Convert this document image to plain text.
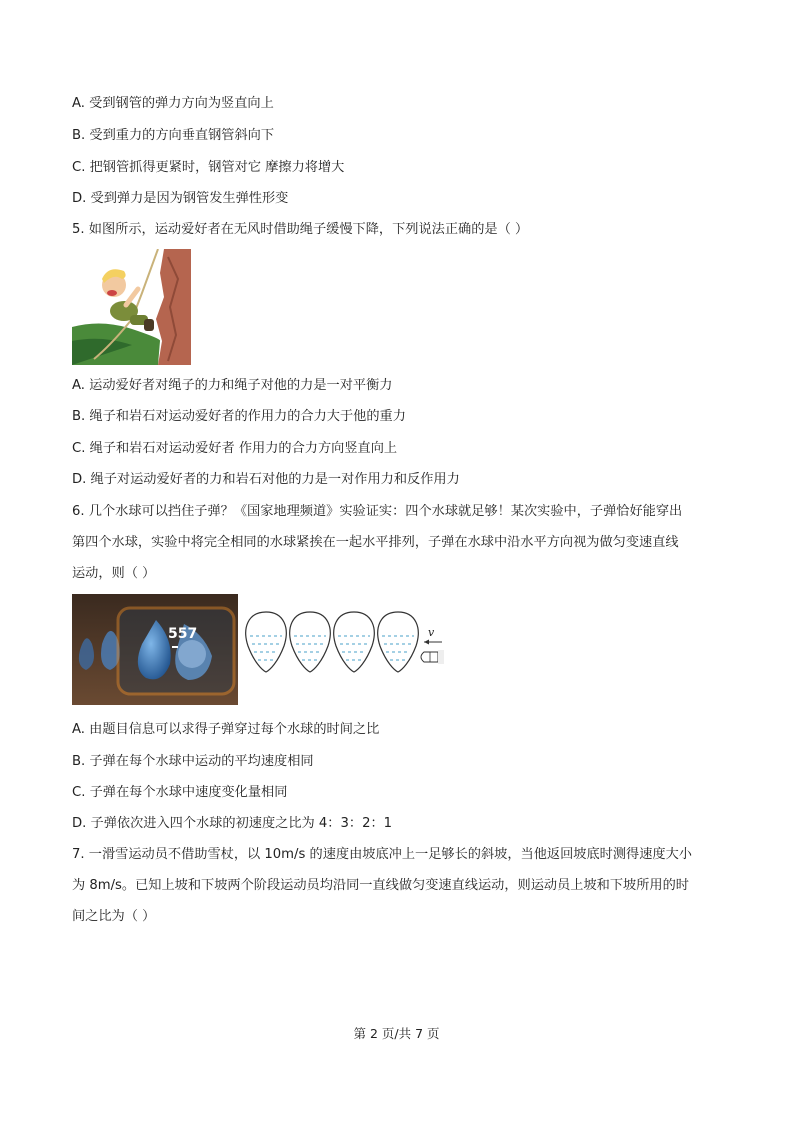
A. 受到钢管的弹力方向为竖直向上
B. 受到重力的方向垂直钢管斜向下
C. 把钢管抓得更紧时，钢管对它 摩擦力将增大
D. 受到弹力是因为钢管发生弹性形变
5. 如图所示，运动爱好者在无风时借助绳子缓慢下降，下列说法正确的是（ ）
A. 运动爱好者对绳子的力和绳子对他的力是一对平衡力
B. 绳子和岩石对运动爱好者的作用力的合力大于他的重力
C. 绳子和岩石对运动爱好者 作用力的合力方向竖直向上
D. 绳子对运动爱好者的力和岩石对他的力是一对作用力和反作用力
6. 几个水球可以挡住子弹？《国家地理频道》实验证实：四个水球就足够！某次实验中，子弹恰好能穿出
第四个水球，实验中将完全相同的水球紧挨在一起水平排列，子弹在水球中沿水平方向视为做匀变速直线
运动，则（ ）
557	v
A. 由题目信息可以求得子弹穿过每个水球的时间之比
B. 子弹在每个水球中运动的平均速度相同
C. 子弹在每个水球中速度变化量相同
D. 子弹依次进入四个水球的初速度之比为 4：3：2：1
7. 一滑雪运动员不借助雪杖，以 10m/s 的速度由坡底冲上一足够长的斜坡，当他返回坡底时测得速度大小
为 8m/s。已知上坡和下坡两个阶段运动员均沿同一直线做匀变速直线运动，则运动员上坡和下坡所用的时
间之比为（ ）
第 2 页/共 7 页
